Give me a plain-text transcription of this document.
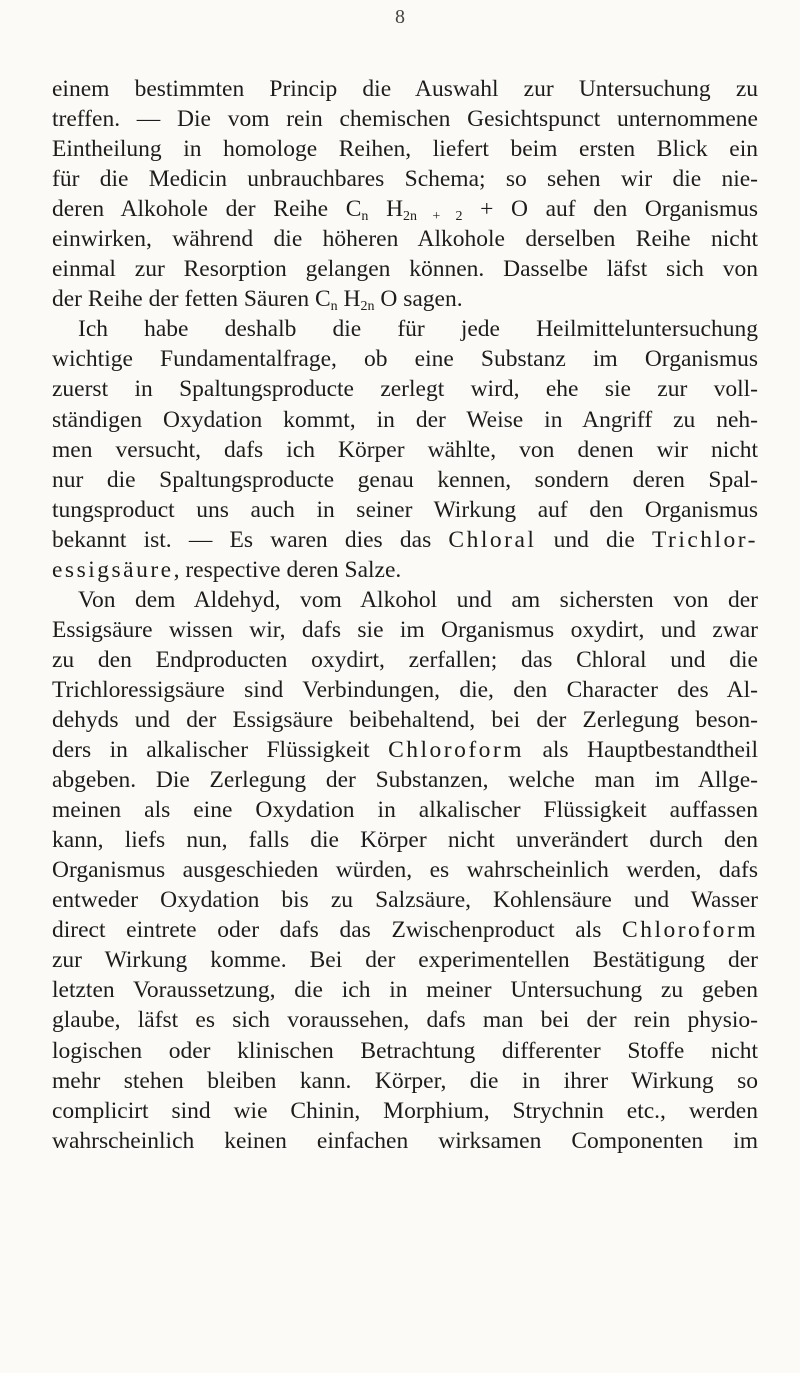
8
einem bestimmten Princip die Auswahl zur Untersuchung zu
treffen. — Die vom rein chemischen Gesichtspunct unternommene
Eintheilung in homologe Reihen, liefert beim ersten Blick ein
für die Medicin unbrauchbares Schema; so sehen wir die nie-
deren Alkohole der Reihe $C_n$ $H_{2n + 2} + O$ auf den Organismus
einwirken, während die höheren Alkohole derselben Reihe nicht
einmal zur Resorption gelangen können. Dasselbe läfst sich von
der Reihe der fetten Säuren $C_n$ $H_{2n}$ O sagen.
Ich habe deshalb die für jede Heilmitteluntersuchung
wichtige Fundamentalfrage, ob eine Substanz im Organismus
zuerst in Spaltungsproducte zerlegt wird, ehe sie zur voll-
ständigen Oxydation kommt, in der Weise in Angriff zu neh-
men versucht, dafs ich Körper wählte, von denen wir nicht
nur die Spaltungsproducte genau kennen, sondern deren Spal-
tungsproduct uns auch in seiner Wirkung auf den Organismus
bekannt ist. — Es waren dies das Chloral und die Trichlor-
essigsäure, respective deren Salze.
Von dem Aldehyd, vom Alkohol und am sichersten von der
Essigsäure wissen wir, dafs sie im Organismus oxydirt, und zwar
zu den Endproducten oxydirt, zerfallen; das Chloral und die
Trichloressigsäure sind Verbindungen, die, den Character des Al-
dehyds und der Essigsäure beibehaltend, bei der Zerlegung beson-
ders in alkalischer Flüssigkeit Chloroform als Hauptbestandtheil
abgeben. Die Zerlegung der Substanzen, welche man im Allge-
meinen als eine Oxydation in alkalischer Flüssigkeit auffassen
kann, liefs nun, falls die Körper nicht unverändert durch den
Organismus ausgeschieden würden, es wahrscheinlich werden, dafs
entweder Oxydation bis zu Salzsäure, Kohlensäure und Wasser
direct eintrete oder dafs das Zwischenproduct als Chloroform
zur Wirkung komme. Bei der experimentellen Bestätigung der
letzten Voraussetzung, die ich in meiner Untersuchung zu geben
glaube, läfst es sich voraussehen, dafs man bei der rein physio-
logischen oder klinischen Betrachtung differenter Stoffe nicht
mehr stehen bleiben kann. Körper, die in ihrer Wirkung so
complicirt sind wie Chinin, Morphium, Strychnin etc., werden
wahrscheinlich keinen einfachen wirksamen Componenten im
